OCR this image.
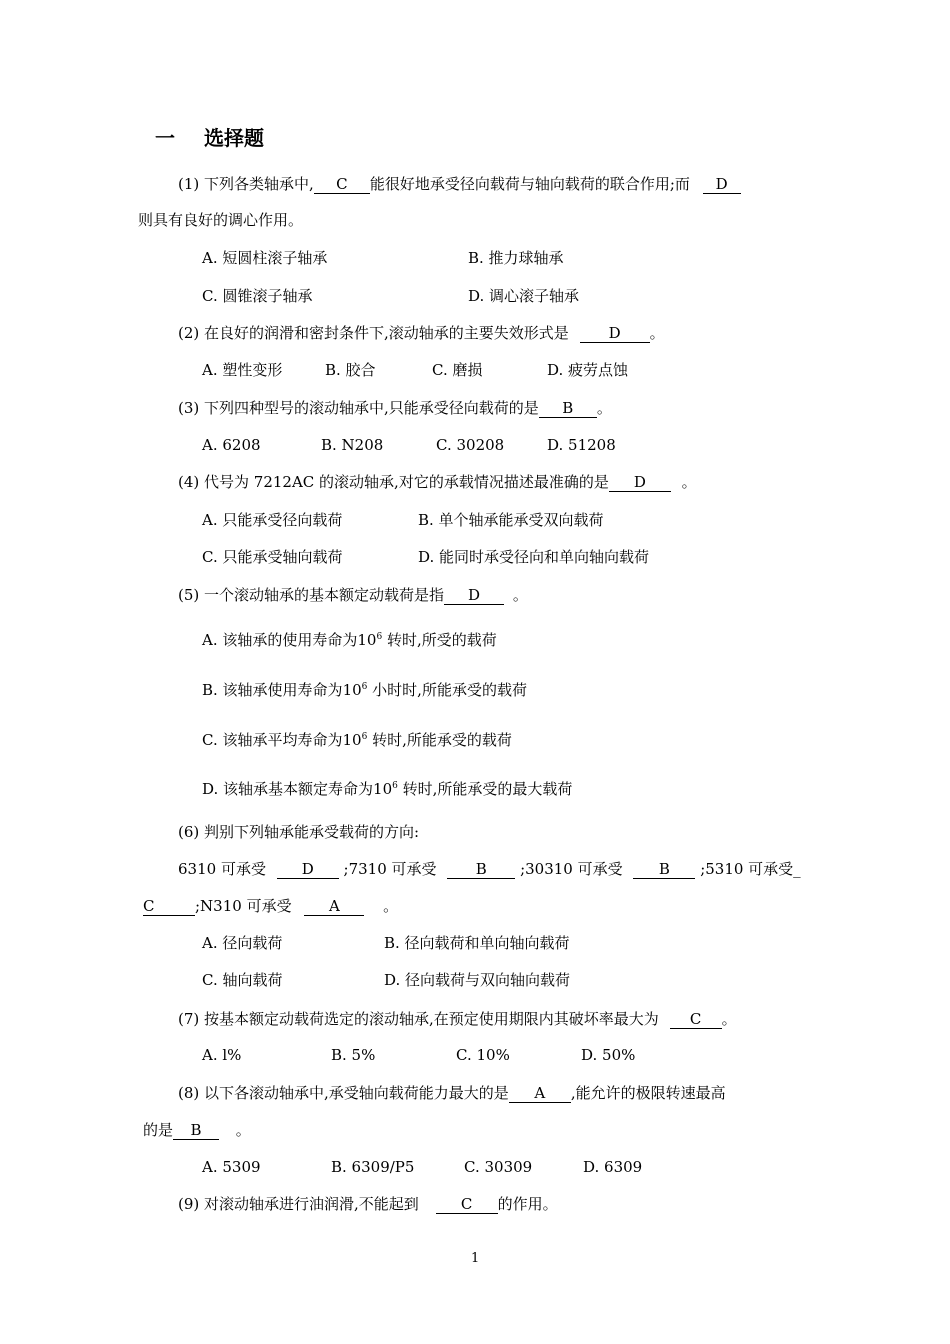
一 选择题
(1) 下列各类轴承中, C 能很好地承受径向载荷与轴向载荷的联合作用;而 D
则具有良好的调心作用。
A. 短圆柱滚子轴承	B. 推力球轴承
C. 圆锥滚子轴承	D. 调心滚子轴承
(2) 在良好的润滑和密封条件下,滚动轴承的主要失效形式是	D 。
A. 塑性变形	B. 胶合	C. 磨损	D. 疲劳点蚀
(3) 下列四种型号的滚动轴承中,只能承受径向载荷的是 B 。
A. 6208	B. N208	C. 30208	D. 51208
(4) 代号为 7212AC 的滚动轴承,对它的承载情况描述最准确的是 D 。
A. 只能承受径向载荷	B. 单个轴承能承受双向载荷
C. 只能承受轴向载荷	D. 能同时承受径向和单向轴向载荷
(5) 一个滚动轴承的基本额定动载荷是指 D 。
A. 该轴承的使用寿命为$10^6$ 转时,所受的载荷
B. 该轴承使用寿命为$10^6$ 小时时,所能承受的载荷
C. 该轴承平均寿命为$10^6$ 转时,所能承受的载荷
D. 该轴承基本额定寿命为$10^6$ 转时,所能承受的最大载荷
(6) 判别下列轴承能承受载荷的方向:
6310 可承受 D ;7310 可承受	B ;30310 可承受 B ;5310 可承受_
C	;N310 可承受 A	。
A. 径向载荷	B. 径向载荷和单向轴向载荷
C. 轴向载荷	D. 径向载荷与双向轴向载荷
(7) 按基本额定动载荷选定的滚动轴承,在预定使用期限内其破坏率最大为 C 。
A. l%	B. 5%	C. 10%	D. 50%
(8) 以下各滚动轴承中,承受轴向载荷能力最大的是 A ,能允许的极限转速最高
的是 B 。
A. 5309	B. 6309/P5	C. 30309	D. 6309
(9) 对滚动轴承进行油润滑,不能起到	C 的作用。
1
